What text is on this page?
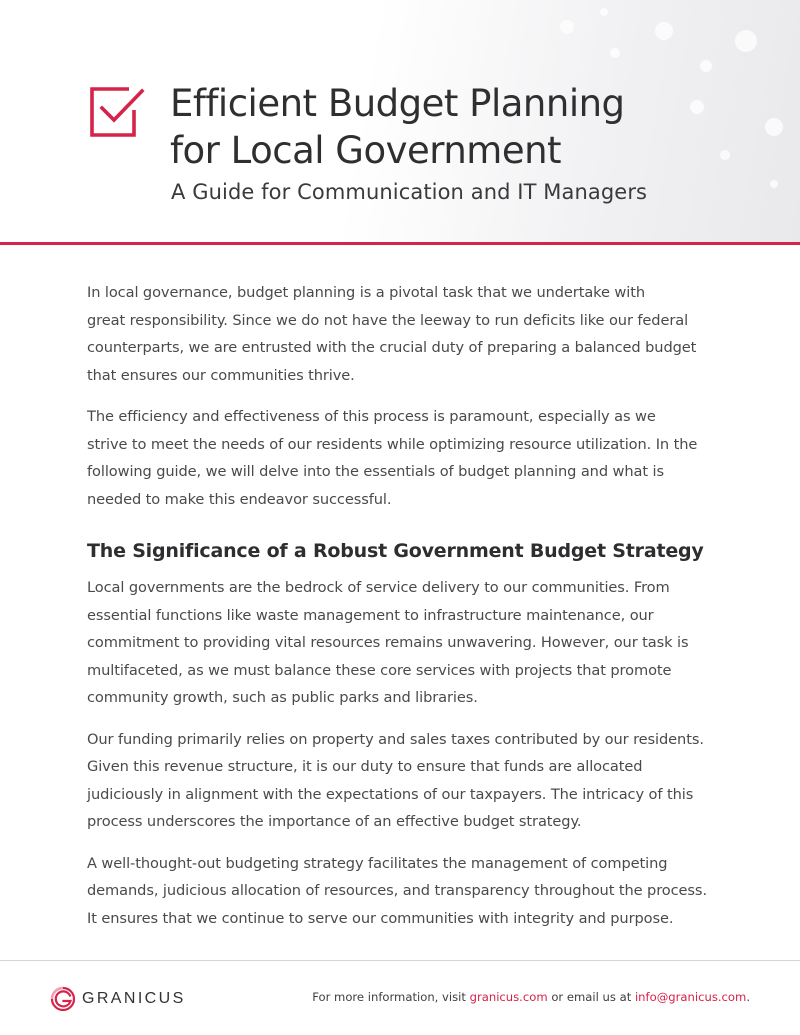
Efficient Budget Planning
for Local Government
A Guide for Communication and IT Managers

In local governance, budget planning is a pivotal task that we undertake with
great responsibility. Since we do not have the leeway to run deficits like our federal
counterparts, we are entrusted with the crucial duty of preparing a balanced budget
that ensures our communities thrive.

The efficiency and effectiveness of this process is paramount, especially as we
strive to meet the needs of our residents while optimizing resource utilization. In the
following guide, we will delve into the essentials of budget planning and what is
needed to make this endeavor successful.

The Significance of a Robust Government Budget Strategy

Local governments are the bedrock of service delivery to our communities. From
essential functions like waste management to infrastructure maintenance, our
commitment to providing vital resources remains unwavering. However, our task is
multifaceted, as we must balance these core services with projects that promote
community growth, such as public parks and libraries.

Our funding primarily relies on property and sales taxes contributed by our residents.
Given this revenue structure, it is our duty to ensure that funds are allocated
judiciously in alignment with the expectations of our taxpayers. The intricacy of this
process underscores the importance of an effective budget strategy.

A well-thought-out budgeting strategy facilitates the management of competing
demands, judicious allocation of resources, and transparency throughout the process.
It ensures that we continue to serve our communities with integrity and purpose.

GRANICUS	For more information, visit granicus.com or email us at info@granicus.com.
